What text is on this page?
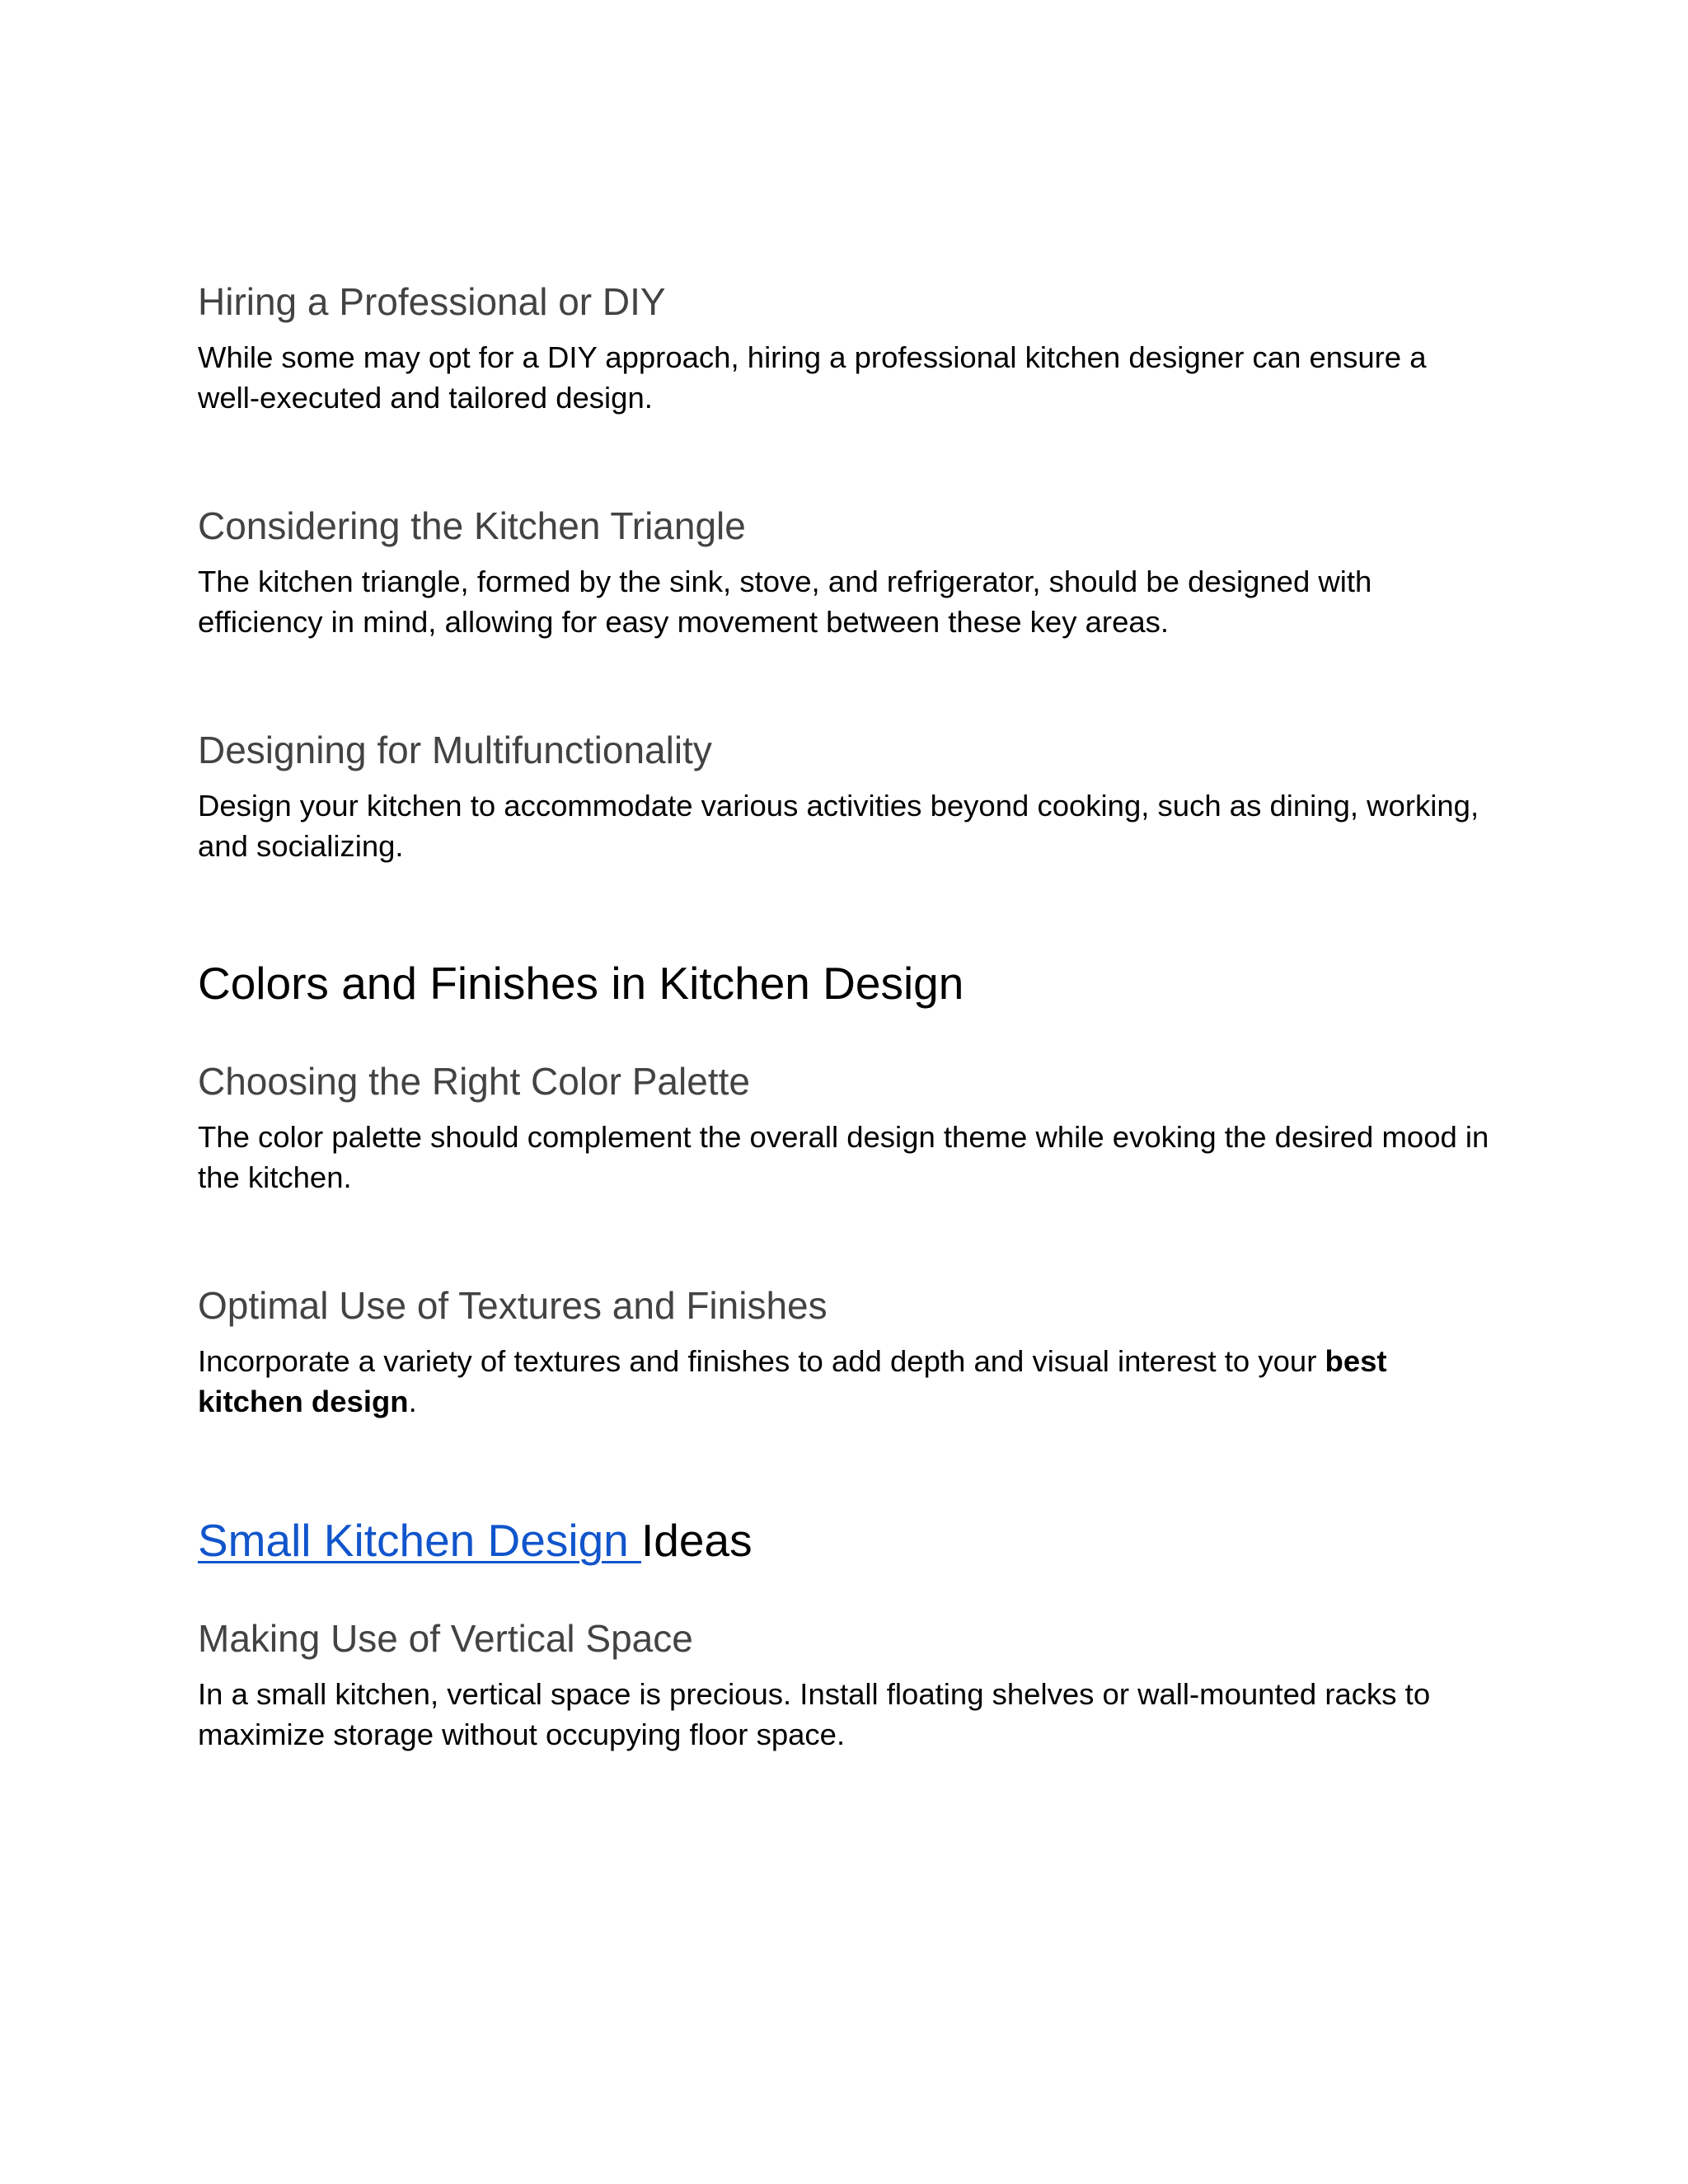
Hiring a Professional or DIY

While some may opt for a DIY approach, hiring a professional kitchen designer can ensure a well-executed and tailored design.

Considering the Kitchen Triangle

The kitchen triangle, formed by the sink, stove, and refrigerator, should be designed with efficiency in mind, allowing for easy movement between these key areas.

Designing for Multifunctionality

Design your kitchen to accommodate various activities beyond cooking, such as dining, working, and socializing.

Colors and Finishes in Kitchen Design
Choosing the Right Color Palette

The color palette should complement the overall design theme while evoking the desired mood in the kitchen.

Optimal Use of Textures and Finishes

Incorporate a variety of textures and finishes to add depth and visual interest to your best kitchen design.

Small Kitchen Design Ideas
Making Use of Vertical Space

In a small kitchen, vertical space is precious. Install floating shelves or wall-mounted racks to maximize storage without occupying floor space.
